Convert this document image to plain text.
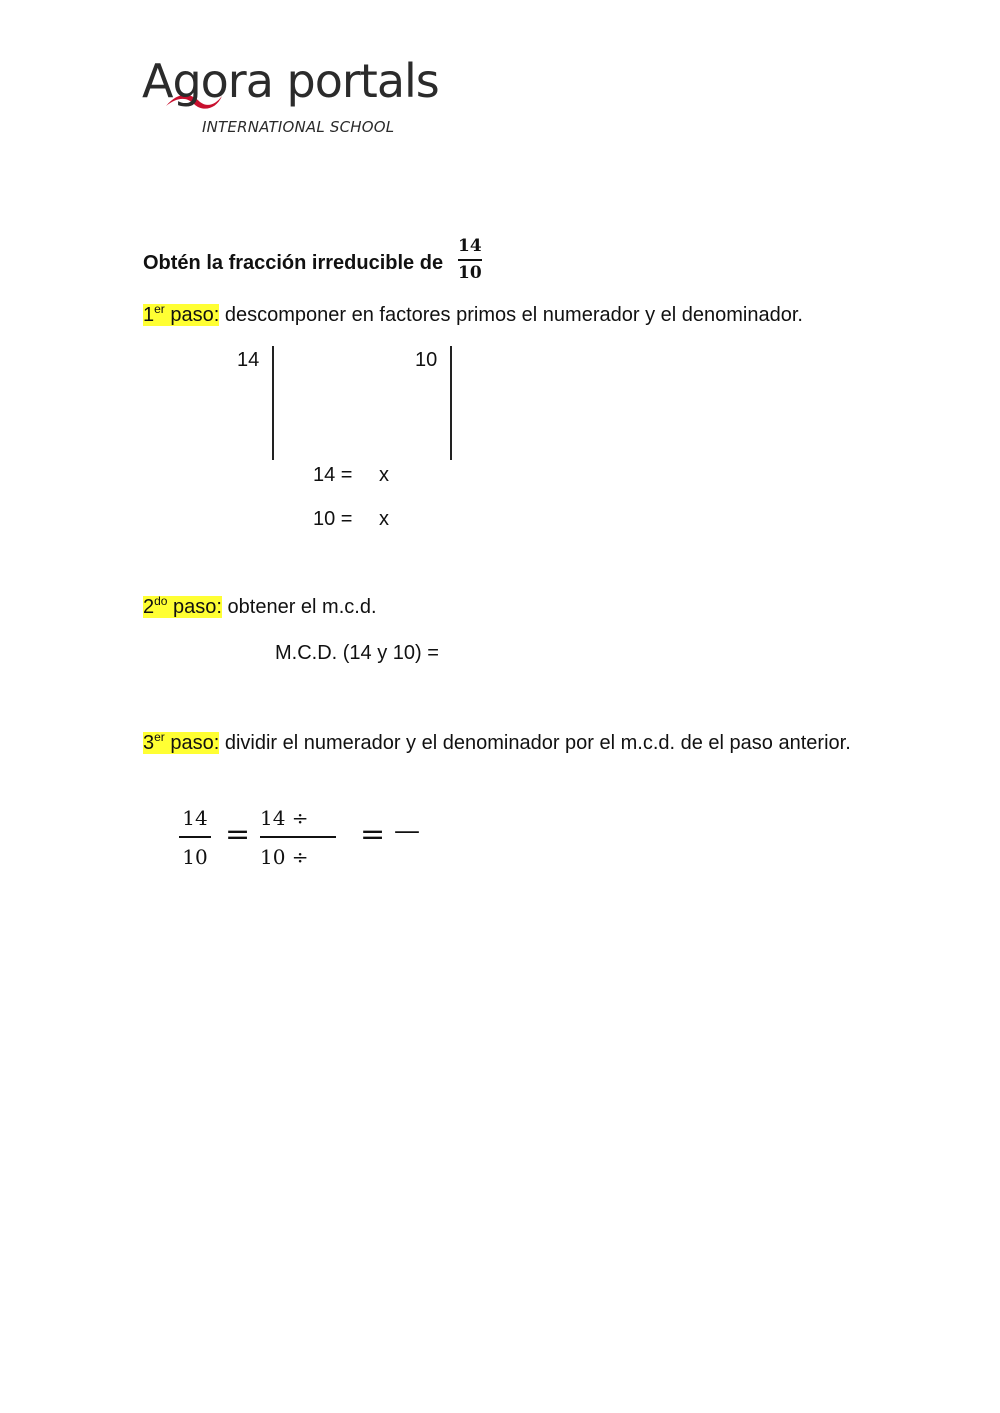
Agora portals
INTERNATIONAL SCHOOL
Obtén la fracción irreducible de
14
10
1er paso: descomponer en factores primos el numerador y el denominador.
14	10
14 = x
10 = x
$2^{do}$ paso: obtener el m.c.d.
M.C.D. (14 y 10) =
3er paso: dividir el numerador y el denominador por el m.c.d. de el paso anterior.
14
10
= 14 ÷
10 ÷
= —
